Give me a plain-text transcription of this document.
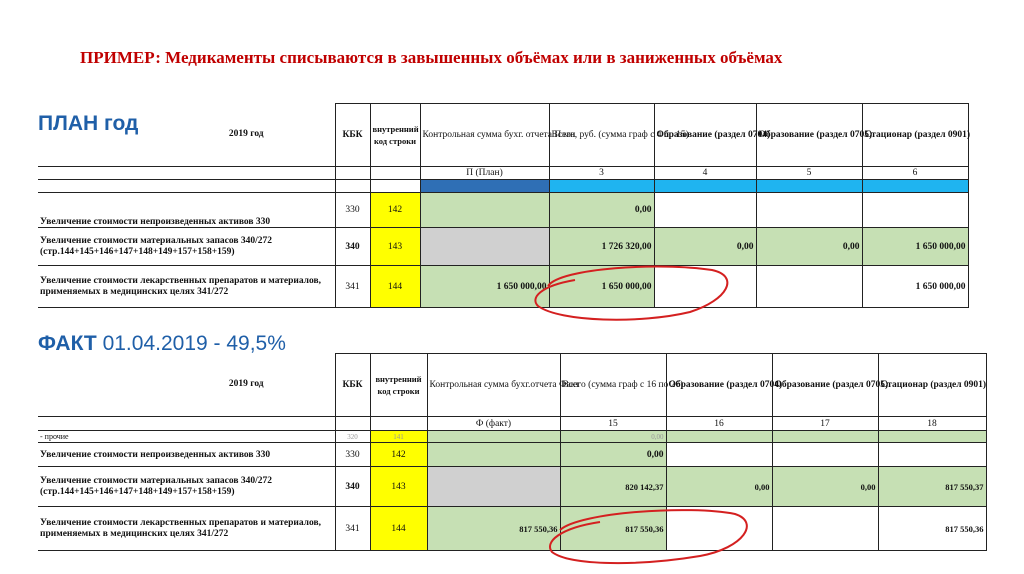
ПРИМЕР: Медикаменты списываются в завышенных объёмах или в заниженных объёмах
ПЛАН год	2019 год	КБК	внутренний код строки	Контрольная сумма бухг. отчета План	Всего, руб. (сумма граф с 4 по 15)	Образование (раздел 0704)	Образование (раздел 0705)	Стационар (раздел 0901)
			П (План)	3	4	5	6

Увеличение стоимости непроизведенных активов 330	330	142		0,00			
Увеличение стоимости материальных запасов 340/272 (стр.144+145+146+147+148+149+157+158+159)	340	143		1 726 320,00	0,00	0,00	1 650 000,00
Увеличение стоимости лекарственных препаратов и материалов, применяемых в медицинских целях 341/272	341	144	1 650 000,00	1 650 000,00			1 650 000,00
ФАКТ 01.04.2019 - 49,5%
2019 год	КБК	внутренний код строки	Контрольная сумма бухг.отчета Факт	Всего (сумма граф с 16 по 26)	Образование (раздел 0704)	Образование (раздел 0705)	Стационар (раздел 0901)
			Ф (факт)	15	16	17	18
- прочие	320	141		0,00			
Увеличение стоимости непроизведенных активов 330	330	142		0,00			
Увеличение стоимости материальных запасов 340/272 (стр.144+145+146+147+148+149+157+158+159)	340	143		820 142,37	0,00	0,00	817 550,37
Увеличение стоимости лекарственных препаратов и материалов, применяемых в медицинских целях 341/272	341	144	817 550,36	817 550,36			817 550,36
